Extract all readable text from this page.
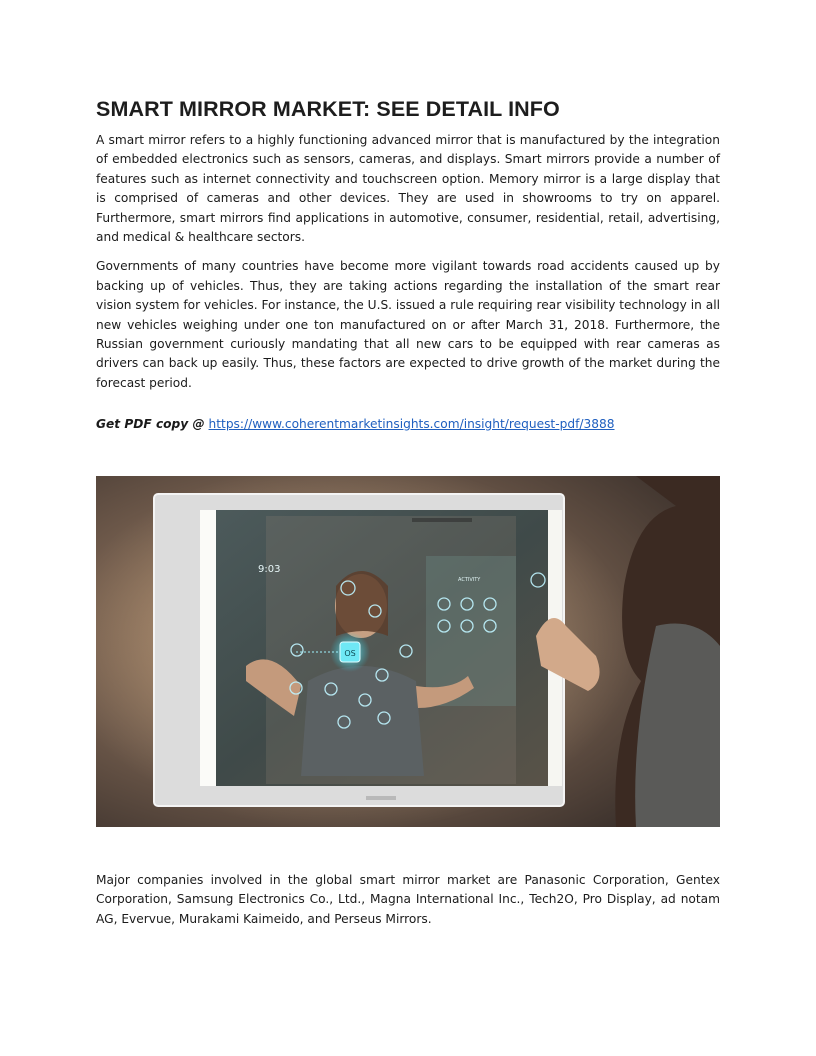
SMART MIRROR MARKET: SEE DETAIL INFO

A smart mirror refers to a highly functioning advanced mirror that is manufactured by the integration of embedded electronics such as sensors, cameras, and displays. Smart mirrors provide a number of features such as internet connectivity and touchscreen option. Memory mirror is a large display that is comprised of cameras and other devices. They are used in showrooms to try on apparel. Furthermore, smart mirrors find applications in automotive, consumer, residential, retail, advertising, and medical & healthcare sectors.

Governments of many countries have become more vigilant towards road accidents caused up by backing up of vehicles. Thus, they are taking actions regarding the installation of the smart rear vision system for vehicles. For instance, the U.S. issued a rule requiring rear visibility technology in all new vehicles weighing under one ton manufactured on or after March 31, 2018. Furthermore, the Russian government curiously mandating that all new cars to be equipped with rear cameras as drivers can back up easily. Thus, these factors are expected to drive growth of the market during the forecast period.

Get PDF copy @ https://www.coherentmarketinsights.com/insight/request-pdf/3888
OS
9:03
ACTIVITY

Major companies involved in the global smart mirror market are Panasonic Corporation, Gentex Corporation, Samsung Electronics Co., Ltd., Magna International Inc., Tech2O, Pro Display, ad notam AG, Evervue, Murakami Kaimeido, and Perseus Mirrors.
